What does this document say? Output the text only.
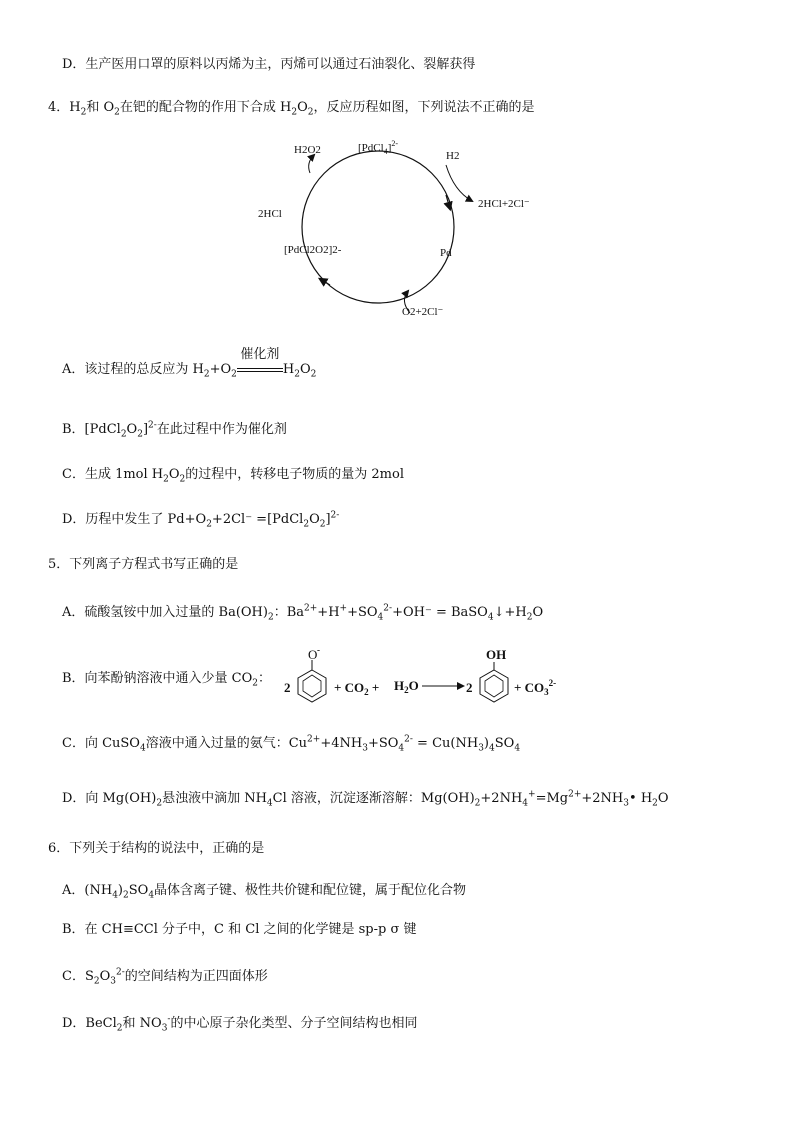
D．生产医用口罩的原料以丙烯为主，丙烯可以通过石油裂化、裂解获得
4．$H_2$和 $O_2$在钯的配合物的作用下合成 $H_2O_2$，反应历程如图，下列说法不正确的是
[PdCl$_4$]$^{2-}$
H2O2	H2
2HCl+2Cl⁻
Pd
O2+2Cl⁻
[PdCl2O2]2-
2HCl
A．该过程的总反应为 $H_2+O_2$
催化剂
$H_2O_2$
B．$[PdCl_2O_2]^{2-}$在此过程中作为催化剂
C．生成 1mol $H_2O_2$的过程中，转移电子物质的量为 2mol
D．历程中发生了 $Pd+O_2+2Cl^-$ $=[PdCl_2O_2]^{2-}$
5．下列离子方程式书写正确的是
A．硫酸氢铵中加入过量的 $Ba(OH)_2$：$Ba^{2+}+H^++SO_4^{2-}+OH^-$ = $BaSO_4↓+H_2O$
B．向苯酚钠溶液中通入少量 $CO_2$：
2
O -
+ $CO_2 + H_2O$	2
OH
+ $CO_3^{2-}$
C．向 CuSO$_4$溶液中通入过量的氨气：$Cu^{2+}+4NH_3+SO_4^{2-} = Cu(NH_3)_4SO_4$
D．向 $Mg(OH)_2$悬浊液中滴加 $NH_4Cl$ 溶液，沉淀逐渐溶解：$Mg(OH)_2+2NH_4^+=Mg^{2+}+2NH_3•$ $H_2O$
6．下列关于结构的说法中，正确的是
A．$(NH_4)_2SO_4$晶体含离子键、极性共价键和配位键，属于配位化合物
B．在 CH≡CCl 分子中，C 和 Cl 之间的化学键是 sp-p σ 键
C．$S_2O_3^{2-}$的空间结构为正四面体形
D．BeCl$_2$和 $NO_3^-$的中心原子杂化类型、分子空间结构也相同
